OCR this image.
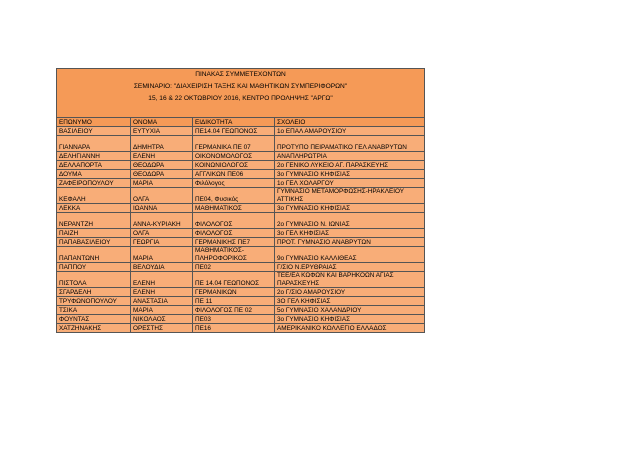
ΠΙΝΑΚΑΣ ΣΥΜΜΕΤΕΧΟΝΤΩΝ
ΣΕΜΙΝΑΡΙΟ: "ΔΙΑΧΕΙΡΙΣΗ ΤΑΞΗΣ ΚΑΙ ΜΑΘΗΤΙΚΩΝ ΣΥΜΠΕΡΙΦΟΡΩΝ"
15, 16 & 22 ΟΚΤΩΒΡΙΟΥ 2016, ΚΕΝΤΡΟ ΠΡΟΛΗΨΗΣ "ΑΡΓΩ"				

ΕΠΩΝΥΜΟ	ΟΝΟΜΑ	ΕΙΔΙΚΟΤΗΤΑ	ΣΧΟΛΕΙΟ	
ΒΑΣΙΛΕΙΟΥ	ΕΥΤΥΧΙΑ	ΠΕ14.04 ΓΕΩΠΟΝΟΣ	1ο ΕΠΑΛ ΑΜΑΡΟΥΣΙΟΥ	
ΓΙΑΝΝΑΡΑ	ΔΗΜΗΤΡΑ	ΓΕΡΜΑΝΙΚΑ ΠΕ 07	ΠΡΟΤΥΠΟ ΠΕΙΡΑΜΑΤΙΚΟ ΓΕΛ ΑΝΑΒΡΥΤΩΝ	
ΔΕΛΗΓΙΑΝΝΗ	ΕΛΕΝΗ	ΟΙΚΟΝΟΜΟΛΟΓΟΣ	ΑΝΑΠΛΗΡΩΤΡΙΑ	
ΔΕΛΛΑΠΟΡΤΑ	ΘΕΟΔΩΡΑ	ΚΟΙΝΩΝΙΟΛΟΓΟΣ	2ο ΓΕΝΙΚΟ ΛΥΚΕΙΟ ΑΓ. ΠΑΡΑΣΚΕΥΗΣ	
ΔΟΥΜΑ	ΘΕΟΔΩΡΑ	ΑΓΓΛΙΚΩΝ ΠΕ06	3ο ΓΥΜΝΑΣΙΟ ΚΗΦΙΣΙΑΣ	
ΖΑΦΕΙΡΟΠΟΥΛΟΥ	ΜΑΡΙΑ	Φιλόλογος	1ο ΓΕΛ ΧΟΛΑΡΓΟΥ	
ΚΕΦΑΛΗ	ΟΛΓΑ	ΠΕ04, Φυσικός	ΓΥΜΝΑΣΙΟ ΜΕΤΑΜΟΡΦΩΣΗΣ-ΗΡΑΚΛΕΙΟΥ ΑΤΤΙΚΗΣ	
ΛΕΚΚΑ	ΙΩΑΝΝΑ	ΜΑΘΗΜΑΤΙΚΟΣ	3ο ΓΥΜΝΑΣΙΟ ΚΗΦΙΣΙΑΣ	
ΝΕΡΑΝΤΖΗ	ΑΝΝΑ-ΚΥΡΙΑΚΗ	ΦΙΛΟΛΟΓΟΣ	2ο ΓΥΜΝΑΣΙΟ Ν. ΙΩΝΙΑΣ	
ΠΑΙΖΗ	ΟΛΓΑ	ΦΙΛΟΛΟΓΟΣ	3ο ΓΕΛ ΚΗΦΙΣΙΑΣ	
ΠΑΠΑΒΑΣΙΛΕΙΟΥ	ΓΕΩΡΓΙΑ	ΓΕΡΜΑΝΙΚΗΣ ΠΕ7	ΠΡΟΤ. ΓΥΜΝΑΣΙΟ ΑΝΑΒΡΥΤΩΝ	
ΠΑΠΑΝΤΩΝΗ	ΜΑΡΙΑ	ΜΑΘΗΜΑΤΙΚΟΣ-ΠΛΗΡΟΦΟΡΙΚΟΣ	9ο ΓΥΜΝΑΣΙΟ ΚΑΛΛΙΘΕΑΣ	
ΠΑΠΠΟΥ	ΒΕΛΟΥΔΙΑ	ΠΕ02	Γ/ΣΙΟ Ν.ΕΡΥΘΡΑΙΑΣ	
ΠΙΣΤΟΛΑ	ΕΛΕΝΗ	ΠΕ 14.04 ΓΕΩΠΟΝΟΣ	ΤΕΕ/ΕΑ ΚΩΦΩΝ ΚΑΙ ΒΑΡΗΚΟΩΝ ΑΓΙΑΣ ΠΑΡΑΣΚΕΥΗΣ	
ΣΓΑΡΔΕΛΗ	ΕΛΕΝΗ	ΓΕΡΜΑΝΙΚΩΝ	2ο Γ/ΣΙΟ ΑΜΑΡΟΥΣΙΟΥ	
ΤΡΥΦΩΝΟΠΟΥΛΟΥ	ΑΝΑΣΤΑΣΙΑ	ΠΕ 11	3Ο ΓΕΛ ΚΗΦΙΣΙΑΣ	
ΤΣΙΚΑ	ΜΑΡΙΑ	ΦΙΛΟΛΟΓΟΣ ΠΕ 02	5ο ΓΥΜΝΑΣΙΟ ΧΑΛΑΝΔΡΙΟΥ	
ΦΟΥΝΤΑΣ	ΝΙΚΟΛΑΟΣ	ΠΕ03	3ο ΓΥΜΝΑΣΙΟ ΚΗΦΙΣΙΑΣ	
ΧΑΤΖΗΝΑΚΗΣ	ΟΡΕΣΤΗΣ	ΠΕ16	ΑΜΕΡΙΚΑΝΙΚΟ ΚΟΛΛΕΓΙΟ ΕΛΛΑΔΟΣ	
